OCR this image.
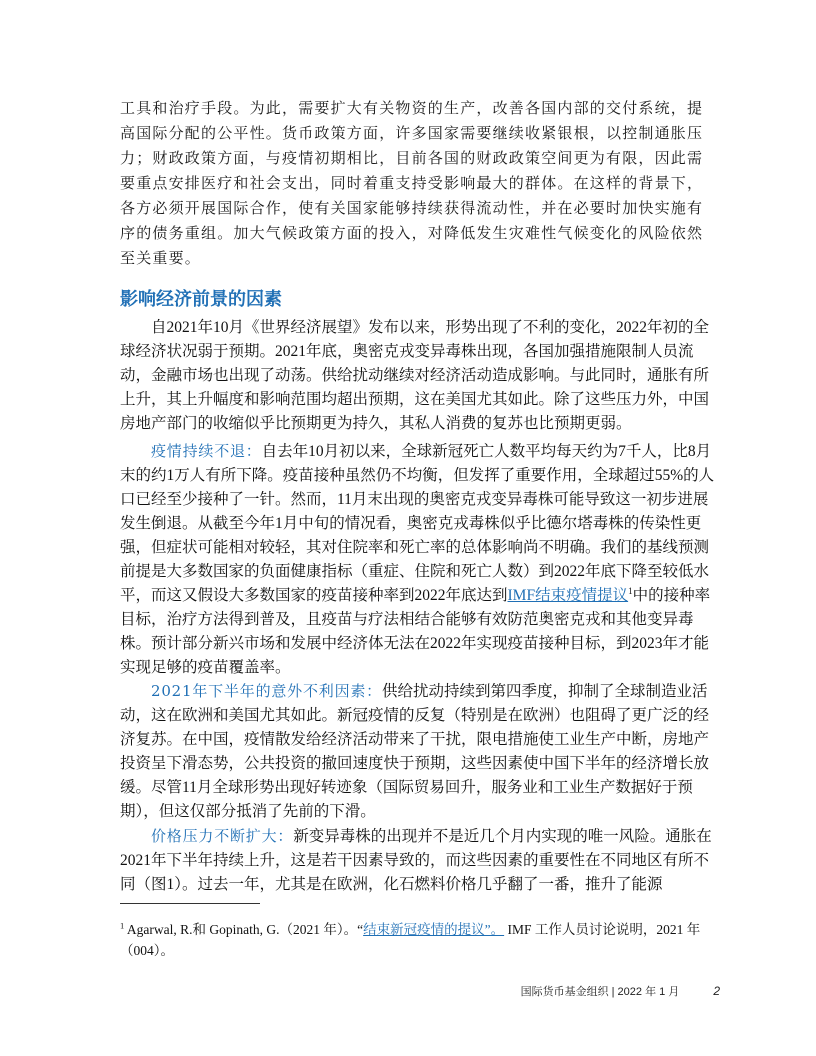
工具和治疗手段。为此，需要扩大有关物资的生产，改善各国内部的交付系统，提高国际分配的公平性。货币政策方面，许多国家需要继续收紧银根，以控制通胀压力；财政政策方面，与疫情初期相比，目前各国的财政政策空间更为有限，因此需要重点安排医疗和社会支出，同时着重支持受影响最大的群体。在这样的背景下，各方必须开展国际合作，使有关国家能够持续获得流动性，并在必要时加快实施有序的债务重组。加大气候政策方面的投入，对降低发生灾难性气候变化的风险依然至关重要。
影响经济前景的因素

自2021年10月《世界经济展望》发布以来，形势出现了不利的变化，2022年初的全球经济状况弱于预期。2021年底，奥密克戎变异毒株出现，各国加强措施限制人员流动，金融市场也出现了动荡。供给扰动继续对经济活动造成影响。与此同时，通胀有所上升，其上升幅度和影响范围均超出预期，这在美国尤其如此。除了这些压力外，中国房地产部门的收缩似乎比预期更为持久，其私人消费的复苏也比预期更弱。

疫情持续不退：自去年10月初以来，全球新冠死亡人数平均每天约为7千人，比8月末的约1万人有所下降。疫苗接种虽然仍不均衡，但发挥了重要作用，全球超过55%的人口已经至少接种了一针。然而，11月末出现的奥密克戎变异毒株可能导致这一初步进展发生倒退。从截至今年1月中旬的情况看，奥密克戎毒株似乎比德尔塔毒株的传染性更强，但症状可能相对较轻，其对住院率和死亡率的总体影响尚不明确。我们的基线预测前提是大多数国家的负面健康指标（重症、住院和死亡人数）到2022年底下降至较低水平，而这又假设大多数国家的疫苗接种率到2022年底达到IMF结束疫情提议$^1$中的接种率目标，治疗方法得到普及，且疫苗与疗法相结合能够有效防范奥密克戎和其他变异毒株。预计部分新兴市场和发展中经济体无法在2022年实现疫苗接种目标，到2023年才能实现足够的疫苗覆盖率。

2021年下半年的意外不利因素：供给扰动持续到第四季度，抑制了全球制造业活动，这在欧洲和美国尤其如此。新冠疫情的反复（特别是在欧洲）也阻碍了更广泛的经济复苏。在中国，疫情散发给经济活动带来了干扰，限电措施使工业生产中断，房地产投资呈下滑态势，公共投资的撤回速度快于预期，这些因素使中国下半年的经济增长放缓。尽管11月全球形势出现好转迹象（国际贸易回升，服务业和工业生产数据好于预期），但这仅部分抵消了先前的下滑。

价格压力不断扩大：新变异毒株的出现并不是近几个月内实现的唯一风险。通胀在2021年下半年持续上升，这是若干因素导致的，而这些因素的重要性在不同地区有所不同（图1）。过去一年，尤其是在欧洲，化石燃料价格几乎翻了一番，推升了能源

$^1$ Agarwal, R.和 Gopinath, G.（2021 年）。“结束新冠疫情的提议”。 IMF 工作人员讨论说明，2021 年（004）。
国际货币基金组织 | 2022 年 1 月	2
